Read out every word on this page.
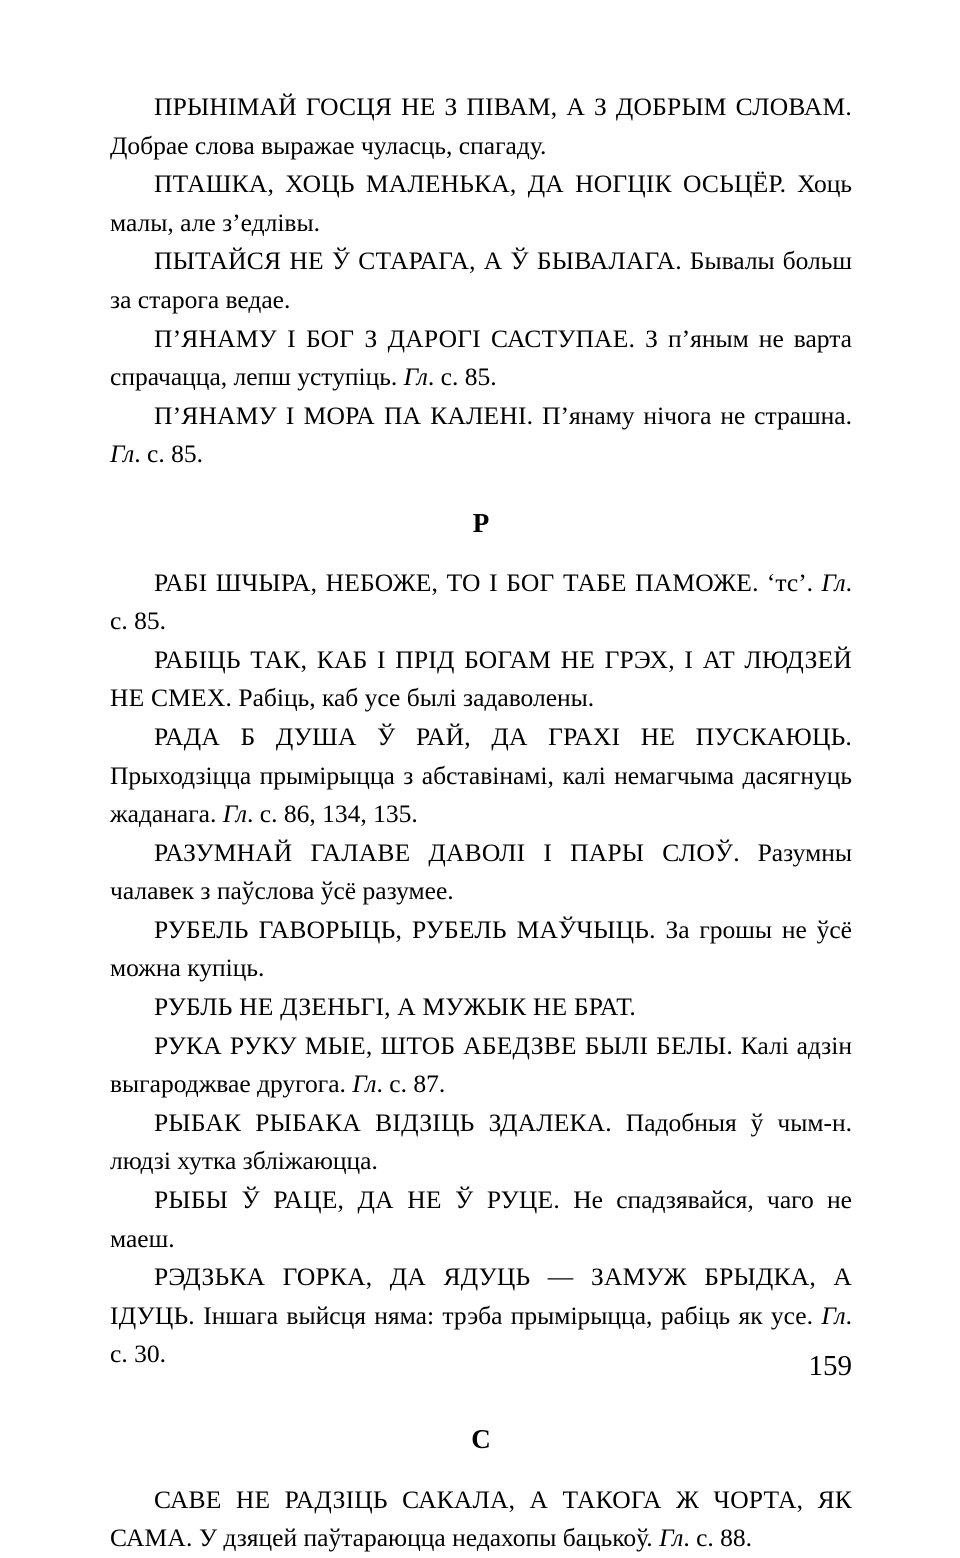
ПРЫНІМАЙ ГОСЦЯ НЕ З ПІВАМ, А З ДОБРЫМ СЛОВАМ. Добрае слова выражае чуласць, спагаду.

ПТАШКА, ХОЦЬ МАЛЕНЬКА, ДА НОГЦІК ОСЬЦЁР. Хоць малы, але з’едлівы.

ПЫТАЙСЯ НЕ Ў СТАРАГА, А Ў БЫВАЛАГА. Бывалы больш за старога ведае.

П’ЯНАМУ І БОГ З ДАРОГІ САСТУПАЕ. З п’яным не варта спрачацца, лепш уступіць. Гл. с. 85.

П’ЯНАМУ І МОРА ПА КАЛЕНІ. П’янаму нічога не страшна. Гл. с. 85.

Р

РАБІ ШЧЫРА, НЕБОЖЕ, ТО І БОГ ТАБЕ ПАМОЖЕ. ‘тс’. Гл. с. 85.

РАБІЦЬ ТАК, КАБ І ПРІД БОГАМ НЕ ГРЭХ, І АТ ЛЮДЗЕЙ НЕ СМЕХ. Рабіць, каб усе былі задаволены.

РАДА Б ДУША Ў РАЙ, ДА ГРАХІ НЕ ПУСКАЮЦЬ. Прыходзіцца прымірыцца з абставінамі, калі немагчыма дасягнуць жаданага. Гл. с. 86, 134, 135.

РАЗУМНАЙ ГАЛАВЕ ДАВОЛІ І ПАРЫ СЛОЎ. Разумны чалавек з паўслова ўсё разумее.

РУБЕЛЬ ГАВОРЫЦЬ, РУБЕЛЬ МАЎЧЫЦЬ. За грошы не ўсё можна купіць.

РУБЛЬ НЕ ДЗЕНЬГІ, А МУЖЫК НЕ БРАТ.

РУКА РУКУ МЫЕ, ШТОБ АБЕДЗВЕ БЫЛІ БЕЛЫ. Калі адзін выгароджвае другога. Гл. с. 87.

РЫБАК РЫБАКА ВІДЗІЦЬ ЗДАЛЕКА. Падобныя ў чым-н. людзі хутка збліжаюцца.

РЫБЫ Ў РАЦЕ, ДА НЕ Ў РУЦЕ. Не спадзявайся, чаго не маеш.

РЭДЗЬКА ГОРКА, ДА ЯДУЦЬ — ЗАМУЖ БРЫДКА, А ІДУЦЬ. Іншага выйсця няма: трэба прымірыцца, рабіць як усе. Гл. с. 30.

С

САВЕ НЕ РАДЗІЦЬ САКАЛА, А ТАКОГА Ж ЧОРТА, ЯК САМА. У дзяцей паўтараюцца недахопы бацькоў. Гл. с. 88.

159
